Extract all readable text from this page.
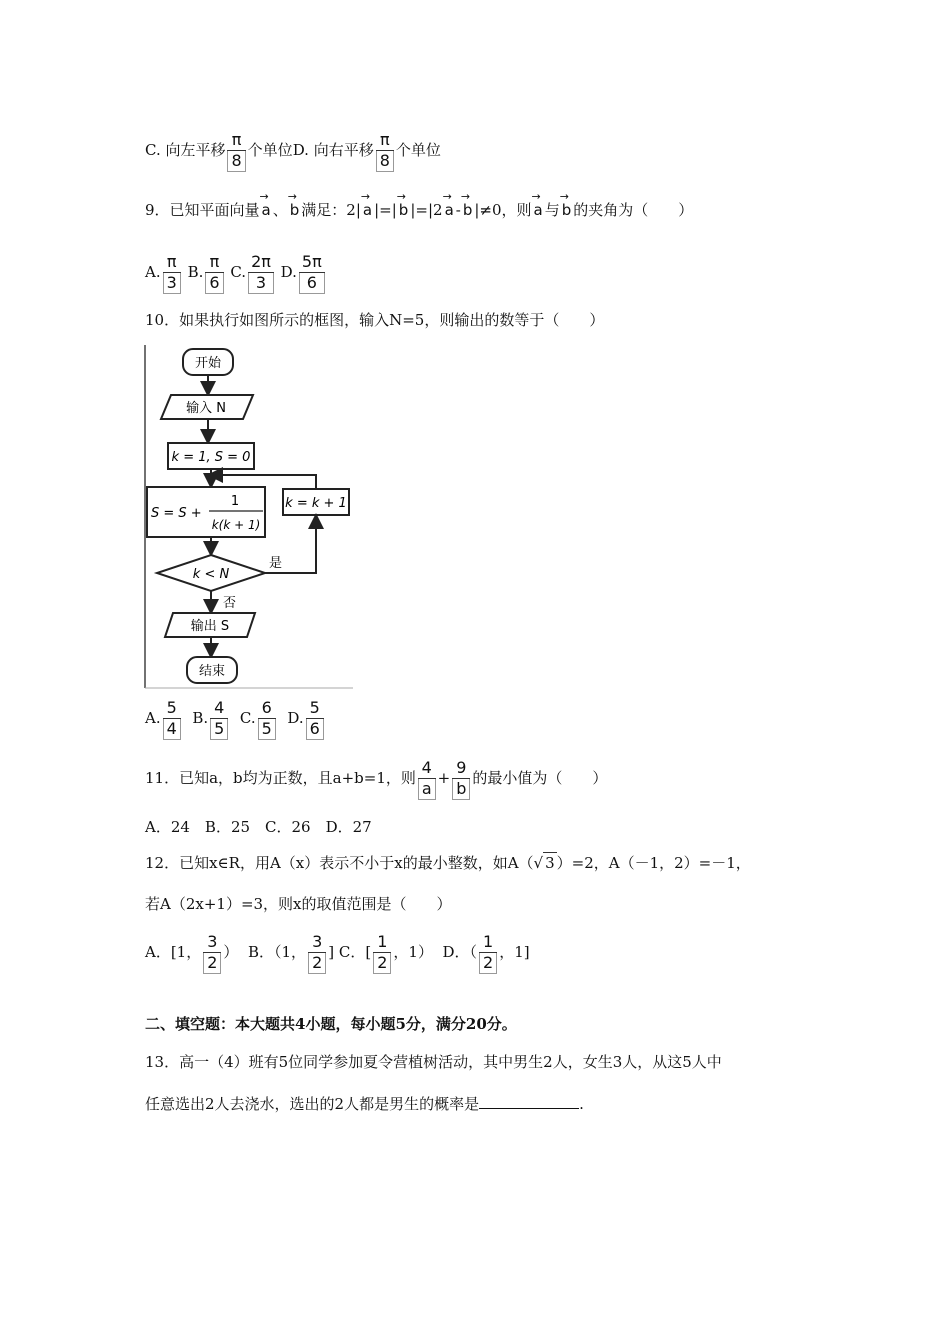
C. 向左平移 $\frac{\pi}{8}$ 个单位D. 向右平移 $\frac{\pi}{8}$ 个单位
9．已知平面向量 → a 、 → b 满足：2| → a |=| → b |=|2 → a - → b |≠0，则 → a 与 → b 的夹角为（　　）
A. $\frac{\pi}{3} B$. $\frac{\pi}{6} C$. $\frac{2\pi}{3} D$. $\frac{5\pi}{6}$
10．如果执行如图所示的框图，输入N=5，则输出的数等于（　　）
开始
输入 N
k = 1, S = 0
S = S +
1
k(k + 1)
k = k + 1
k < N
是
否
输出 S
结束
A. $\frac{5}{4} B$. $\frac{4}{5} C$. $\frac{6}{5} D$. $\frac{5}{6}$
11．已知a，b均为正数，且a+b=1，则 $\frac{4}{a} + \frac{9}{b}$ 的最小值为（　　）
A．24　B．25　C．26　D．27
12．已知x∈R，用A（x）表示不小于x的最小整数，如A（√ 3 ）=2，A（－1，2）=－1，
若A（2x+1）=3，则x的取值范围是（　　）
A．[1， $\frac{3}{2}$ ） B．（1， $\frac{3}{2}$ ] C．[ $\frac{1}{2}$ ，1） D．（ $\frac{1}{2}$ ，1]
二、填空题：本大题共4小题，每小题5分，满分20分。
13．高一（4）班有5位同学参加夏令营植树活动，其中男生2人，女生3人，从这5人中
任意选出2人去浇水，选出的2人都是男生的概率是	.
